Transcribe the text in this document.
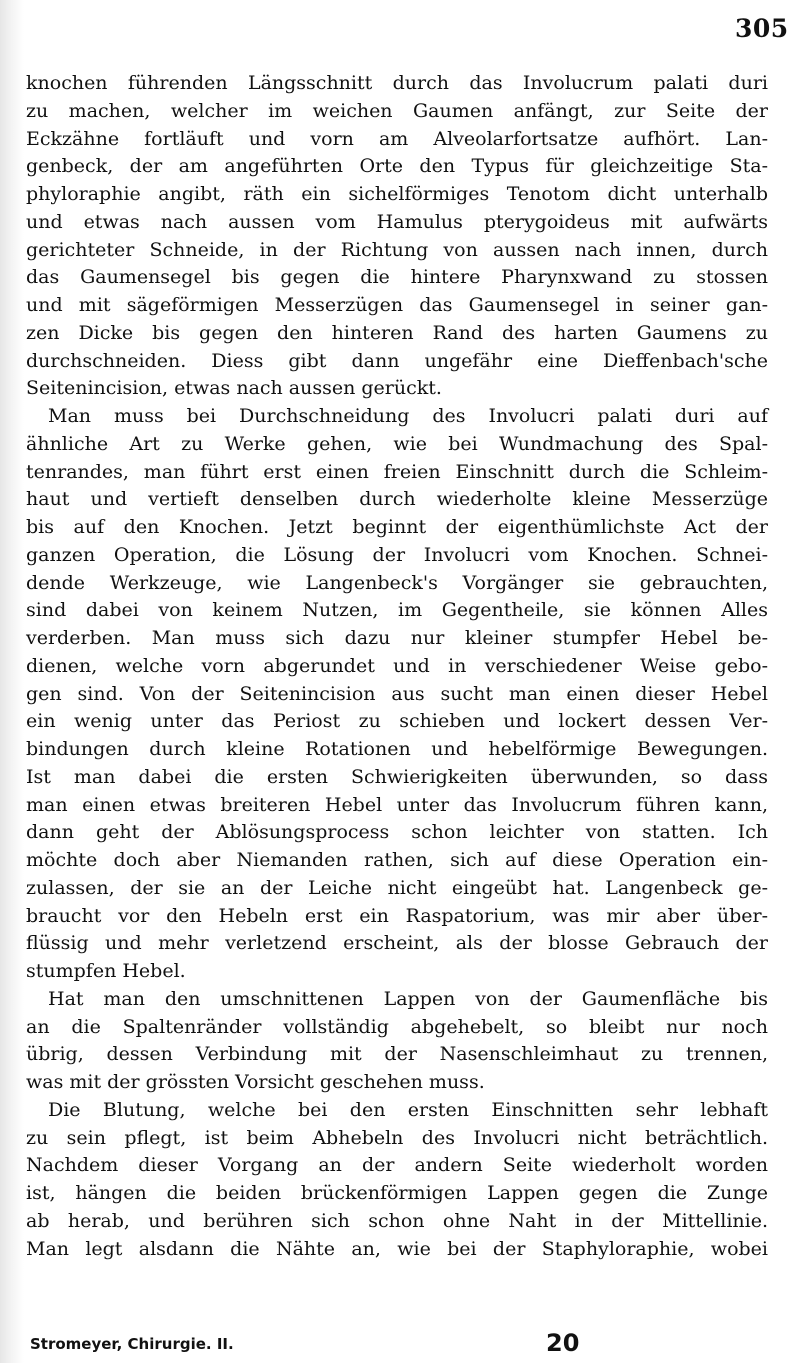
305
knochen führenden Längsschnitt durch das Involucrum palati duri
zu machen, welcher im weichen Gaumen anfängt, zur Seite der
Eckzähne fortläuft und vorn am Alveolarfortsatze aufhört. Lan-
genbeck, der am angeführten Orte den Typus für gleichzeitige Sta-
phyloraphie angibt, räth ein sichelförmiges Tenotom dicht unterhalb
und etwas nach aussen vom Hamulus pterygoideus mit aufwärts
gerichteter Schneide, in der Richtung von aussen nach innen, durch
das Gaumensegel bis gegen die hintere Pharynxwand zu stossen
und mit sägeförmigen Messerzügen das Gaumensegel in seiner gan-
zen Dicke bis gegen den hinteren Rand des harten Gaumens zu
durchschneiden. Diess gibt dann ungefähr eine Dieffenbach'sche
Seitenincision, etwas nach aussen gerückt.
Man muss bei Durchschneidung des Involucri palati duri auf
ähnliche Art zu Werke gehen, wie bei Wundmachung des Spal-
tenrandes, man führt erst einen freien Einschnitt durch die Schleim-
haut und vertieft denselben durch wiederholte kleine Messerzüge
bis auf den Knochen. Jetzt beginnt der eigenthümlichste Act der
ganzen Operation, die Lösung der Involucri vom Knochen. Schnei-
dende Werkzeuge, wie Langenbeck's Vorgänger sie gebrauchten,
sind dabei von keinem Nutzen, im Gegentheile, sie können Alles
verderben. Man muss sich dazu nur kleiner stumpfer Hebel be-
dienen, welche vorn abgerundet und in verschiedener Weise gebo-
gen sind. Von der Seitenincision aus sucht man einen dieser Hebel
ein wenig unter das Periost zu schieben und lockert dessen Ver-
bindungen durch kleine Rotationen und hebelförmige Bewegungen.
Ist man dabei die ersten Schwierigkeiten überwunden, so dass
man einen etwas breiteren Hebel unter das Involucrum führen kann,
dann geht der Ablösungsprocess schon leichter von statten. Ich
möchte doch aber Niemanden rathen, sich auf diese Operation ein-
zulassen, der sie an der Leiche nicht eingeübt hat. Langenbeck ge-
braucht vor den Hebeln erst ein Raspatorium, was mir aber über-
flüssig und mehr verletzend erscheint, als der blosse Gebrauch der
stumpfen Hebel.
Hat man den umschnittenen Lappen von der Gaumenfläche bis
an die Spaltenränder vollständig abgehebelt, so bleibt nur noch
übrig, dessen Verbindung mit der Nasenschleimhaut zu trennen,
was mit der grössten Vorsicht geschehen muss.
Die Blutung, welche bei den ersten Einschnitten sehr lebhaft
zu sein pflegt, ist beim Abhebeln des Involucri nicht beträchtlich.
Nachdem dieser Vorgang an der andern Seite wiederholt worden
ist, hängen die beiden brückenförmigen Lappen gegen die Zunge
ab herab, und berühren sich schon ohne Naht in der Mittellinie.
Man legt alsdann die Nähte an, wie bei der Staphyloraphie, wobei
Stromeyer, Chirurgie. II.	20
